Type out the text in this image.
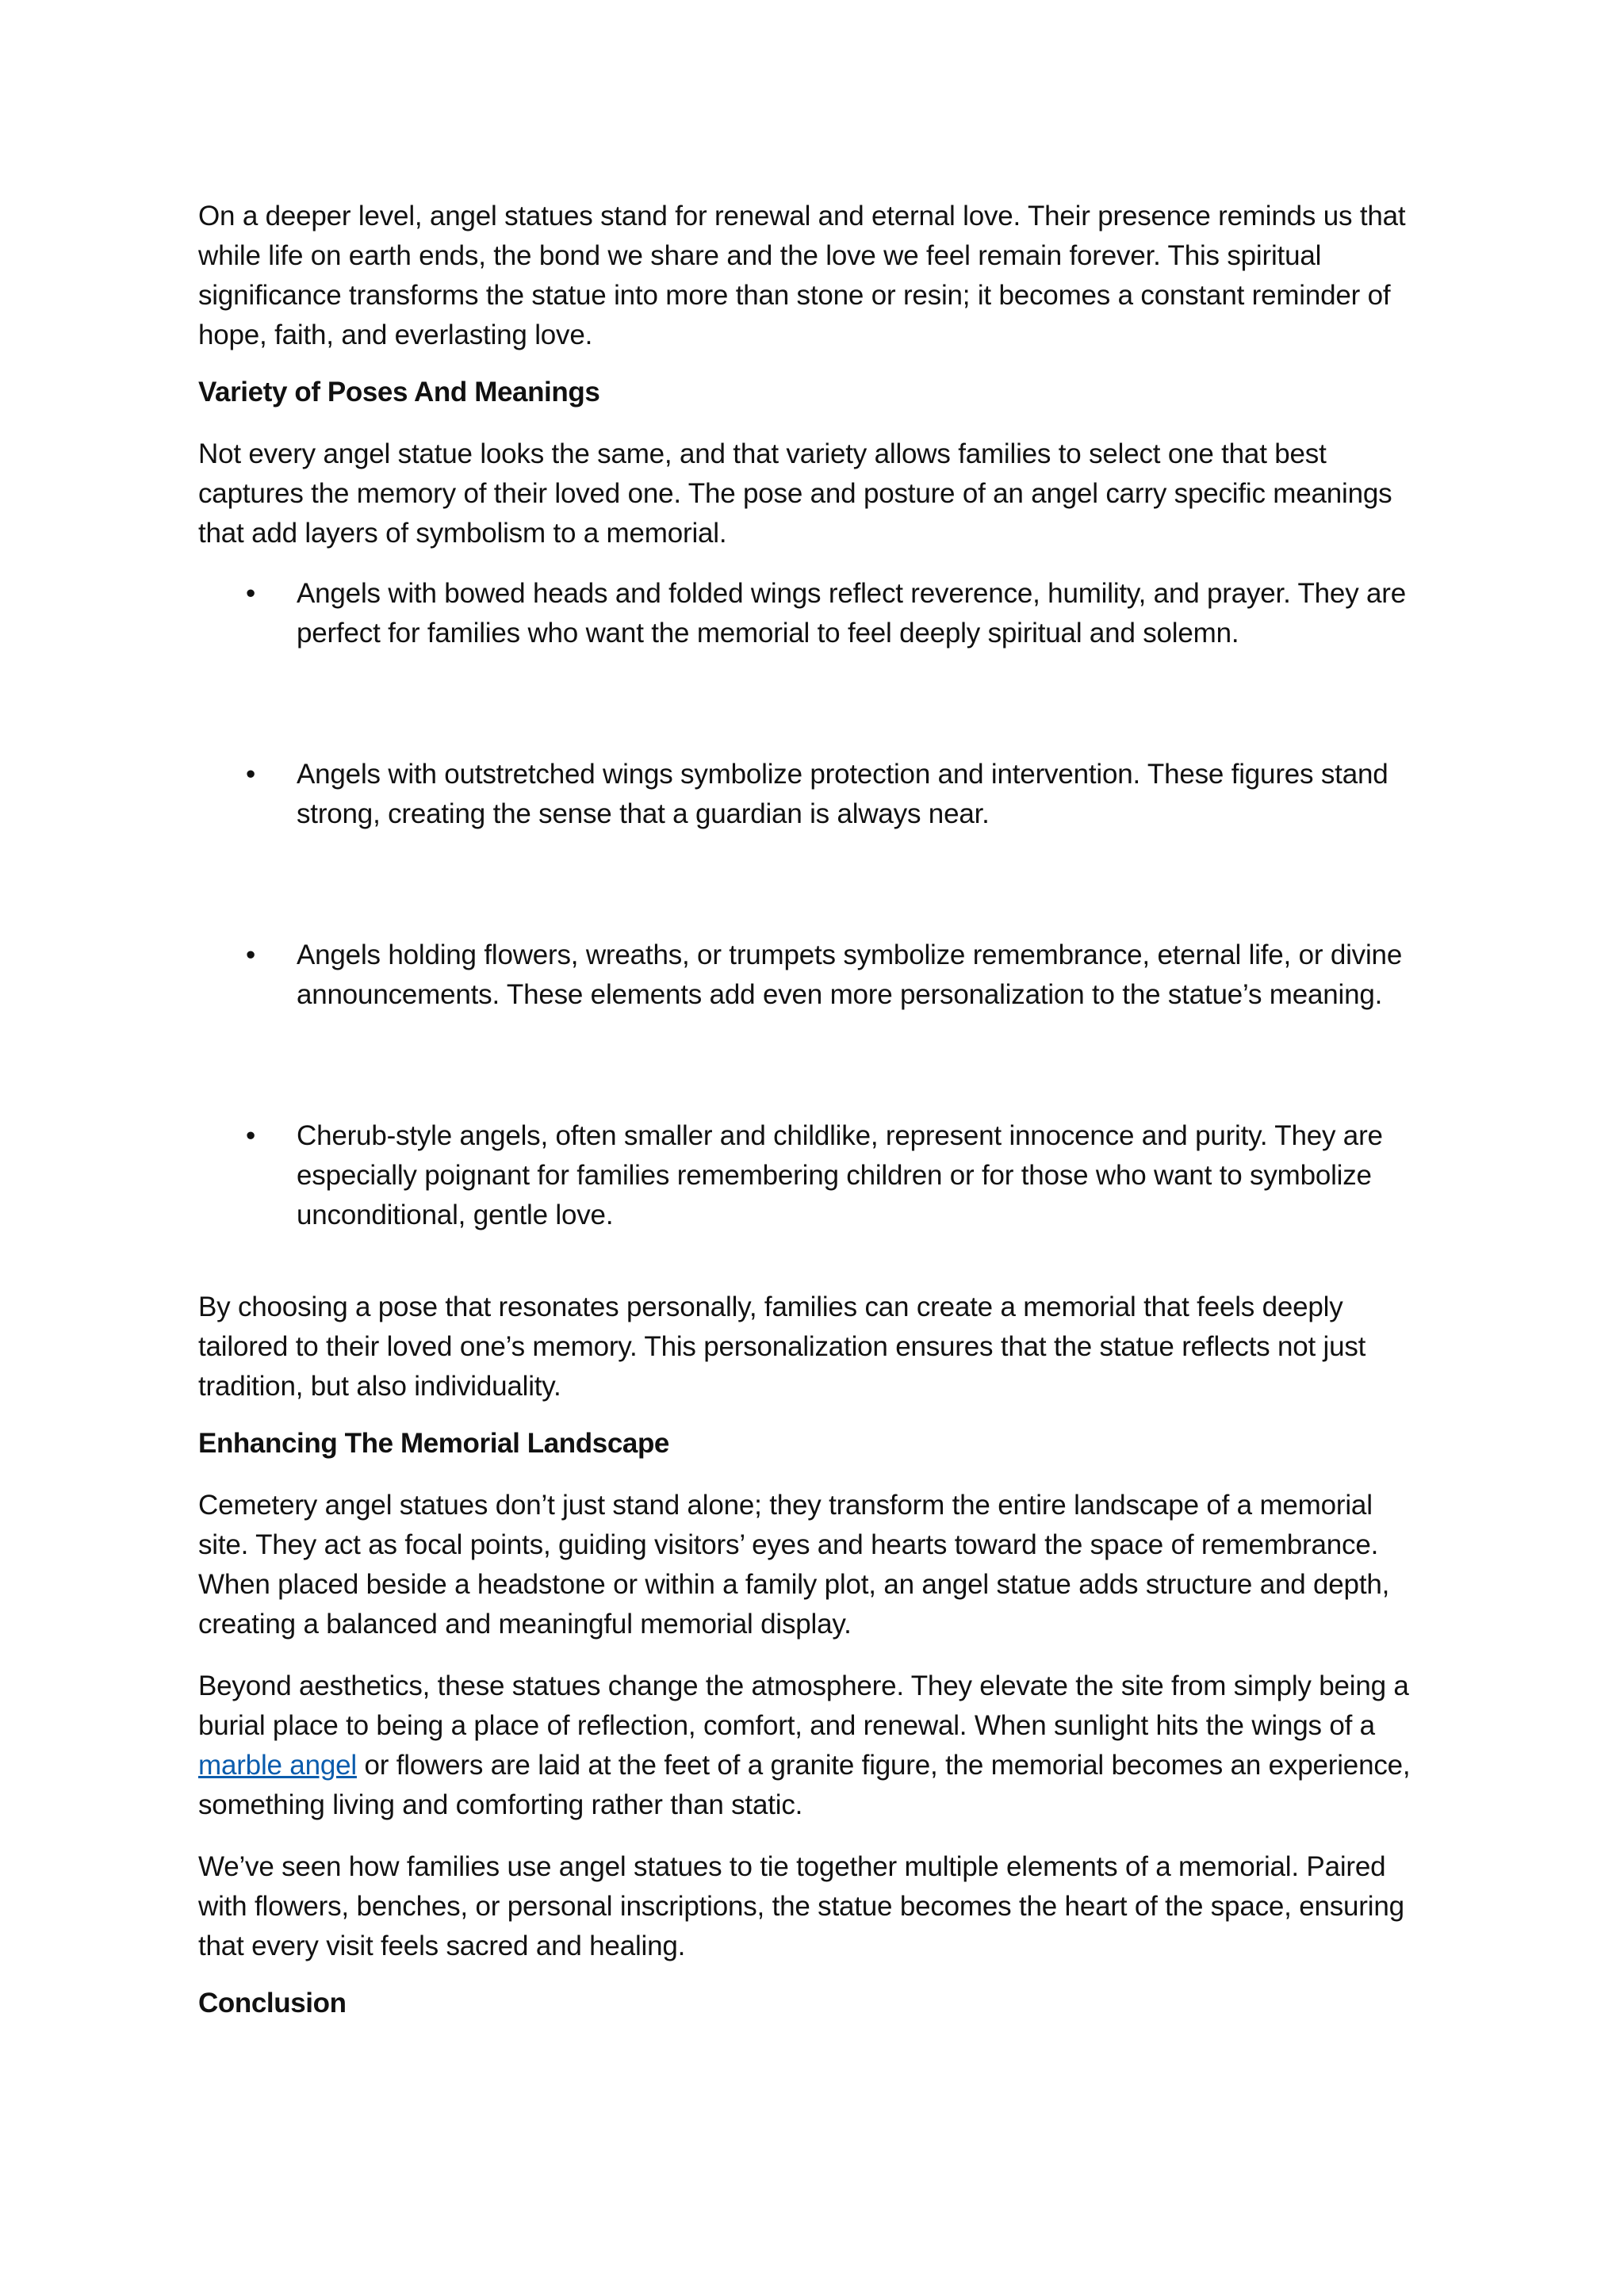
On a deeper level, angel statues stand for renewal and eternal love. Their presence reminds us that while life on earth ends, the bond we share and the love we feel remain forever. This spiritual significance transforms the statue into more than stone or resin; it becomes a constant reminder of hope, faith, and everlasting love.

Variety of Poses And Meanings

Not every angel statue looks the same, and that variety allows families to select one that best captures the memory of their loved one. The pose and posture of an angel carry specific meanings that add layers of symbolism to a memorial.

• Angels with bowed heads and folded wings reflect reverence, humility, and prayer. They are perfect for families who want the memorial to feel deeply spiritual and solemn.
• Angels with outstretched wings symbolize protection and intervention. These figures stand strong, creating the sense that a guardian is always near.
• Angels holding flowers, wreaths, or trumpets symbolize remembrance, eternal life, or divine announcements. These elements add even more personalization to the statue’s meaning.
• Cherub-style angels, often smaller and childlike, represent innocence and purity. They are especially poignant for families remembering children or for those who want to symbolize unconditional, gentle love.

By choosing a pose that resonates personally, families can create a memorial that feels deeply tailored to their loved one’s memory. This personalization ensures that the statue reflects not just tradition, but also individuality.

Enhancing The Memorial Landscape

Cemetery angel statues don’t just stand alone; they transform the entire landscape of a memorial site. They act as focal points, guiding visitors’ eyes and hearts toward the space of remembrance. When placed beside a headstone or within a family plot, an angel statue adds structure and depth, creating a balanced and meaningful memorial display.

Beyond aesthetics, these statues change the atmosphere. They elevate the site from simply being a burial place to being a place of reflection, comfort, and renewal. When sunlight hits the wings of a marble angel or flowers are laid at the feet of a granite figure, the memorial becomes an experience, something living and comforting rather than static.

We’ve seen how families use angel statues to tie together multiple elements of a memorial. Paired with flowers, benches, or personal inscriptions, the statue becomes the heart of the space, ensuring that every visit feels sacred and healing.

Conclusion
